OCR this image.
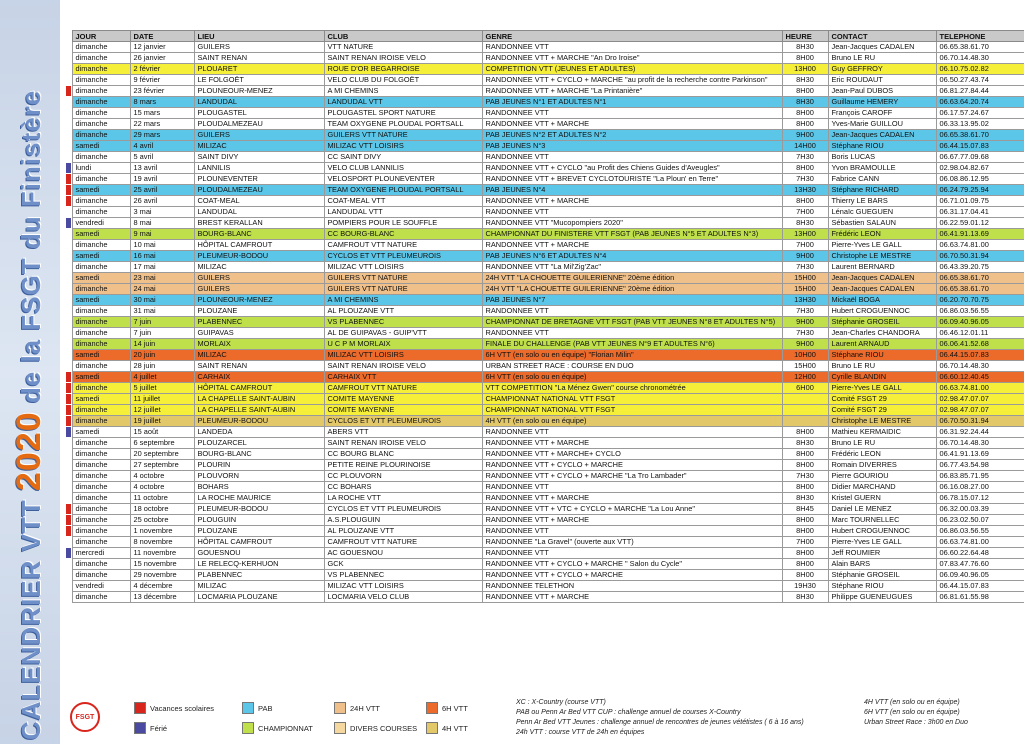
CALENDRIER VTT 2020 de la FSGT du Finistère
	JOUR	DATE	LIEU	CLUB	GENRE	HEURE	CONTACT	TELEPHONE

	dimanche	12 janvier	GUILERS	VTT NATURE	RANDONNEE VTT	8H30	Jean-Jacques CADALEN	06.65.38.61.70

	dimanche	26 janvier	SAINT RENAN	SAINT RENAN IROISE VELO	RANDONNEE VTT + MARCHE "An Dro Iroise"	8H00	Bruno LE RU	06.70.14.48.30

	dimanche	2 février	PLOUARET	ROUE D'OR BEGARROISE	COMPETITION VTT (JEUNES ET ADULTES)	13H00	Guy GEFFROY	06.10.75.02.82

	dimanche	9 février	LE FOLGOËT	VELO CLUB DU FOLGOËT	RANDONNEE VTT + CYCLO + MARCHE "au profit de la recherche contre Parkinson"	8H30	Eric ROUDAUT	06.50.27.43.74

	dimanche	23 février	PLOUNEOUR-MENEZ	A MI CHEMINS	RANDONNEE VTT + MARCHE "La Printanière"	8H00	Jean-Paul DUBOS	06.81.27.84.44

	dimanche	8 mars	LANDUDAL	LANDUDAL VTT	PAB JEUNES N°1 ET ADULTES N°1	8H30	Guillaume HEMERY	06.63.64.20.74

	dimanche	15 mars	PLOUGASTEL	PLOUGASTEL SPORT NATURE	RANDONNEE VTT	8H00	François CAROFF	06.17.57.24.67

	dimanche	22 mars	PLOUDALMEZEAU	TEAM OXYGENE PLOUDAL PORTSALL	RANDONNEE VTT + MARCHE	8H00	Yves-Marie GUILLOU	06.33.13.95.02

	dimanche	29 mars	GUILERS	GUILERS VTT NATURE	PAB JEUNES N°2 ET ADULTES N°2	9H00	Jean-Jacques CADALEN	06.65.38.61.70

	samedi	4 avril	MILIZAC	MILIZAC VTT LOISIRS	PAB JEUNES N°3	14H00	Stéphane RIOU	06.44.15.07.83

	dimanche	5 avril	SAINT DIVY	CC SAINT DIVY	RANDONNEE VTT	7H30	Boris LUCAS	06.67.77.09.68

	lundi	13 avril	LANNILIS	VELO CLUB LANNILIS	RANDONNEE VTT + CYCLO "au Profit des Chiens Guides d'Aveugles"	8H00	Yvon BRAMOULLE	02.98.04.82.67

	dimanche	19 avril	PLOUNEVENTER	VELOSPORT PLOUNEVENTER	RANDONNEE VTT + BREVET CYCLOTOURISTE "La Ploun' en Terre"	7H30	Fabrice CANN	06.08.86.12.95

	samedi	25 avril	PLOUDALMEZEAU	TEAM OXYGENE PLOUDAL PORTSALL	PAB JEUNES N°4	13H30	Stéphane RICHARD	06.24.79.25.94

	dimanche	26 avril	COAT-MEAL	COAT-MEAL VTT	RANDONNEE VTT + MARCHE	8H00	Thierry LE BARS	06.71.01.09.75

	dimanche	3 mai	LANDUDAL	LANDUDAL VTT	RANDONNEE VTT	7H00	Lénaïc GUEGUEN	06.31.17.04.41

	vendredi	8 mai	BREST KERALLAN	POMPIERS POUR LE SOUFFLE	RANDONNEE VTT "Mucopompiers 2020"	8H30	Sébastien SALAUN	06.22.59.01.12

	samedi	9 mai	BOURG-BLANC	CC BOURG-BLANC	CHAMPIONNAT DU FINISTERE VTT FSGT (PAB JEUNES N°5 ET ADULTES N°3)	13H00	Frédéric LEON	06.41.91.13.69

	dimanche	10 mai	HÔPITAL CAMFROUT	CAMFROUT VTT NATURE	RANDONNEE VTT + MARCHE	7H00	Pierre-Yves LE GALL	06.63.74.81.00

	samedi	16 mai	PLEUMEUR-BODOU	CYCLOS ET VTT PLEUMEUROIS	PAB JEUNES N°6 ET ADULTES N°4	9H00	Christophe LE MESTRE	06.70.50.31.94

	dimanche	17 mai	MILIZAC	MILIZAC VTT LOISIRS	RANDONNEE VTT "La Mil'Zig'Zac"	7H30	Laurent BERNARD	06.43.39.20.75

	samedi	23 mai	GUILERS	GUILERS VTT NATURE	24H VTT "LA CHOUETTE GUILERIENNE" 20ème édition	15H00	Jean-Jacques CADALEN	06.65.38.61.70

	dimanche	24 mai	GUILERS	GUILERS VTT NATURE	24H VTT "LA CHOUETTE GUILERIENNE" 20ème édition	15H00	Jean-Jacques CADALEN	06.65.38.61.70

	samedi	30 mai	PLOUNEOUR-MENEZ	A MI CHEMINS	PAB JEUNES N°7	13H30	Mickaël BOGA	06.20.70.70.75

	dimanche	31 mai	PLOUZANE	AL PLOUZANE VTT	RANDONNEE VTT	7H30	Hubert CROGUENNOC	06.86.03.56.55

	dimanche	7 juin	PLABENNEC	VS PLABENNEC	CHAMPIONNAT DE BRETAGNE VTT FSGT (PAB VTT JEUNES N°8 ET ADULTES N°5)	9H00	Stéphanie GROSEIL	06.09.40.96.05

	dimanche	7 juin	GUIPAVAS	AL DE GUIPAVAS - GUIP'VTT	RANDONNEE VTT	7H30	Jean-Charles CHANDORA	06.46.12.01.11

	dimanche	14 juin	MORLAIX	U C P M MORLAIX	FINALE DU CHALLENGE (PAB VTT JEUNES N°9 ET ADULTES N°6)	9H00	Laurent ARNAUD	06.06.41.52.68

	samedi	20 juin	MILIZAC	MILIZAC VTT LOISIRS	6H VTT (en solo ou en équipe) "Florian Milin"	10H00	Stéphane RIOU	06.44.15.07.83

	dimanche	28 juin	SAINT RENAN	SAINT RENAN IROISE VELO	URBAN STREET RACE : COURSE EN DUO	15H00	Bruno LE RU	06.70.14.48.30

	samedi	4 juillet	CARHAIX	CARHAIX VTT	6H VTT (en solo ou en équipe)	12H00	Cyrille BLANDIN	06.60.12.40.45

	dimanche	5 juillet	HÔPITAL CAMFROUT	CAMFROUT VTT NATURE	VTT COMPETITION "La Ménez Gwen" course chronométrée	6H00	Pierre-Yves LE GALL	06.63.74.81.00

	samedi	11 juillet	LA CHAPELLE SAINT-AUBIN	COMITE MAYENNE	CHAMPIONNAT NATIONAL VTT FSGT		Comité FSGT 29	02.98.47.07.07

	dimanche	12 juillet	LA CHAPELLE SAINT-AUBIN	COMITE MAYENNE	CHAMPIONNAT NATIONAL VTT FSGT		Comité FSGT 29	02.98.47.07.07

	dimanche	19 juillet	PLEUMEUR-BODOU	CYCLOS ET VTT PLEUMEUROIS	4H VTT (en solo ou en équipe)		Christophe LE MESTRE	06.70.50.31.94

	samedi	15 août	LANDEDA	ABERS VTT	RANDONNEE VTT	8H00	Mathieu KERMAIDIC	06.31.92.24.44

	dimanche	6 septembre	PLOUZARCEL	SAINT RENAN IROISE VELO	RANDONNEE VTT + MARCHE	8H30	Bruno LE RU	06.70.14.48.30

	dimanche	20 septembre	BOURG-BLANC	CC BOURG BLANC	RANDONNEE VTT + MARCHE+ CYCLO	8H00	Frédéric LEON	06.41.91.13.69

	dimanche	27 septembre	PLOURIN	PETITE REINE PLOURINOISE	RANDONNEE VTT + CYCLO + MARCHE	8H00	Romain DIVERRES	06.77.43.54.98

	dimanche	4 octobre	PLOUVORN	CC PLOUVORN	RANDONNEE VTT + CYCLO + MARCHE "La Tro Lambader"	7H30	Pierre GOURIOU	06.83.85.71.95

	dimanche	4 octobre	BOHARS	CC BOHARS	RANDONNEE VTT	8H00	Didier MARCHAND	06.16.08.27.00

	dimanche	11 octobre	LA ROCHE MAURICE	LA ROCHE VTT	RANDONNEE VTT + MARCHE	8H30	Kristel GUERN	06.78.15.07.12

	dimanche	18 octobre	PLEUMEUR-BODOU	CYCLOS ET VTT PLEUMEUROIS	RANDONNEE VTT + VTC + CYCLO + MARCHE "La Lou Anne"	8H45	Daniel LE MENEZ	06.32.00.03.39

	dimanche	25 octobre	PLOUGUIN	A.S.PLOUGUIN	RANDONNEE VTT + MARCHE	8H00	Marc TOURNELLEC	06.23.02.50.07

	dimanche	1 novembre	PLOUZANE	AL PLOUZANE VTT	RANDONNEE VTT	8H00	Hubert CROGUENNOC	06.86.03.56.55

	dimanche	8 novembre	HÔPITAL CAMFROUT	CAMFROUT VTT NATURE	RANDONNEE "La Gravel" (ouverte aux VTT)	7H00	Pierre-Yves LE GALL	06.63.74.81.00

	mercredi	11 novembre	GOUESNOU	AC GOUESNOU	RANDONNEE VTT	8H00	Jeff ROUMIER	06.60.22.64.48

	dimanche	15 novembre	LE RELECQ-KERHUON	GCK	RANDONNEE VTT + CYCLO + MARCHE " Salon du Cycle"	8H00	Alain BARS	07.83.47.76.60

	dimanche	29 novembre	PLABENNEC	VS PLABENNEC	RANDONNEE VTT + CYCLO + MARCHE	8H00	Stéphanie GROSEIL	06.09.40.96.05

	vendredi	4 décembre	MILIZAC	MILIZAC VTT LOISIRS	RANDONNEE TELETHON	19H30	Stéphane RIOU	06.44.15.07.83

	dimanche	13 décembre	LOCMARIA PLOUZANE	LOCMARIA VELO CLUB	RANDONNEE VTT + MARCHE	8H30	Philippe GUENEUGUES	06.81.61.55.98
FSGT
Vacances scolaires
Férié
PAB
CHAMPIONNAT
24H VTT
DIVERS COURSES
6H VTT
4H VTT
XC : X-Country (course VTT)
PAB ou Penn Ar Bed VTT CUP : challenge annuel de courses X-Country
Penn Ar Bed VTT Jeunes : challenge annuel de rencontres de jeunes vététistes ( 6 à 16 ans)
24h VTT : course VTT de 24h en équipes
4H VTT (en solo ou en équipe)
6H VTT (en solo ou en équipe)
Urban Street Race : 3h00 en Duo
